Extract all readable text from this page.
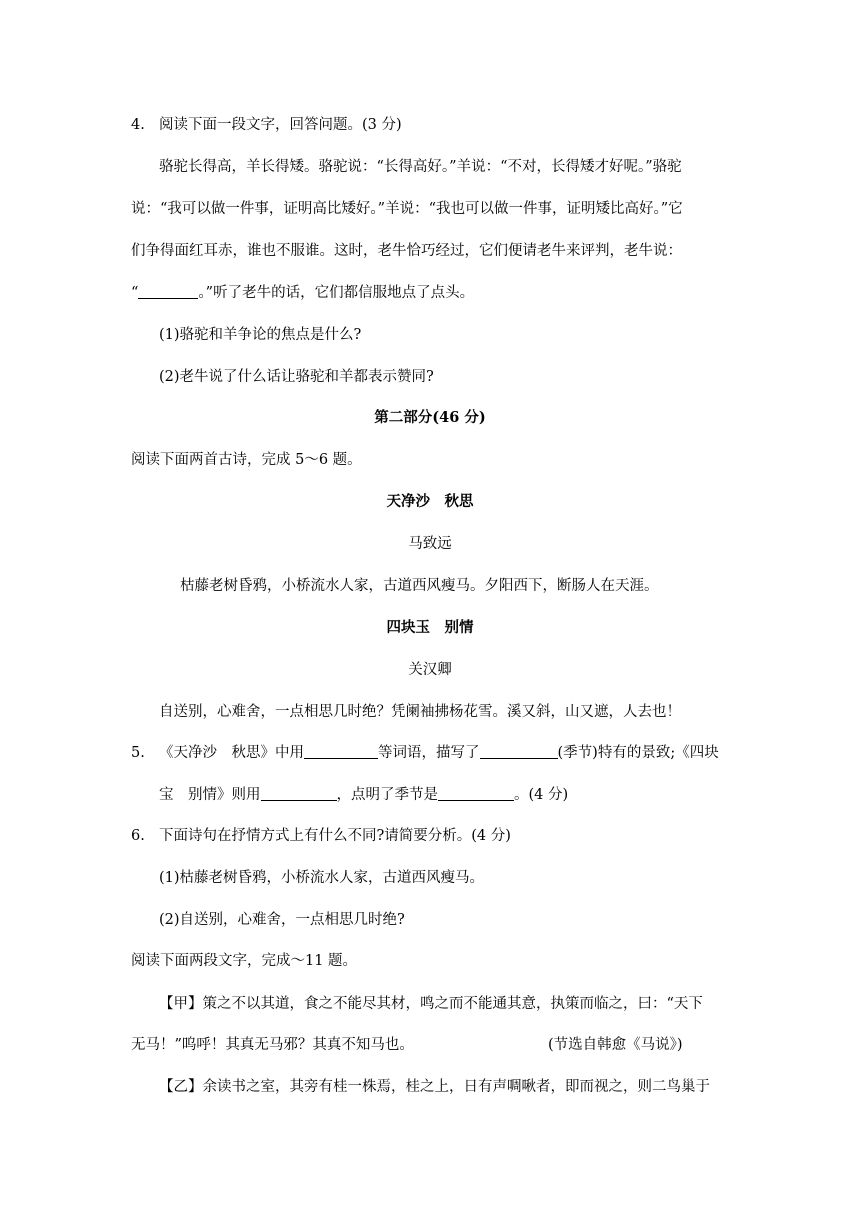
4. 阅读下面一段文字，回答问题。(3 分)
骆驼长得高，羊长得矮。骆驼说：“长得高好。”羊说：“不对，长得矮才好呢。”骆驼
说：“我可以做一件事，证明高比矮好。”羊说：“我也可以做一件事，证明矮比高好。”它
们争得面红耳赤，谁也不服谁。这时，老牛恰巧经过，它们便请老牛来评判，老牛说：
“	。”听了老牛的话，它们都信服地点了点头。
(1)骆驼和羊争论的焦点是什么?
(2)老牛说了什么话让骆驼和羊都表示赞同?
第二部分(46 分)
阅读下面两首古诗，完成 5～6 题。
天净沙　秋思
马致远
枯藤老树昏鸦，小桥流水人家，古道西风瘦马。夕阳西下，断肠人在天涯。
四块玉　别情
关汉卿
自送别，心难舍，一点相思几时绝？凭阑袖拂杨花雪。溪又斜，山又遮，人去也！
5. 《天净沙　秋思》中用	等词语，描写了	(季节)特有的景致;《四块
宝　别情》则用	，点明了季节是	。(4 分)
6. 下面诗句在抒情方式上有什么不同?请简要分析。(4 分)
(1)枯藤老树昏鸦，小桥流水人家，古道西风瘦马。
(2)自送别，心难舍，一点相思几时绝?
阅读下面两段文字，完成～11 题。
【甲】策之不以其道，食之不能尽其材，鸣之而不能通其意，执策而临之，曰：“天下
无马！”呜呼！其真无马邪？其真不知马也。	(节选自韩愈《马说》)
【乙】余读书之室，其旁有桂一株焉，桂之上，日有声啁啾者，即而视之，则二鸟巢于
